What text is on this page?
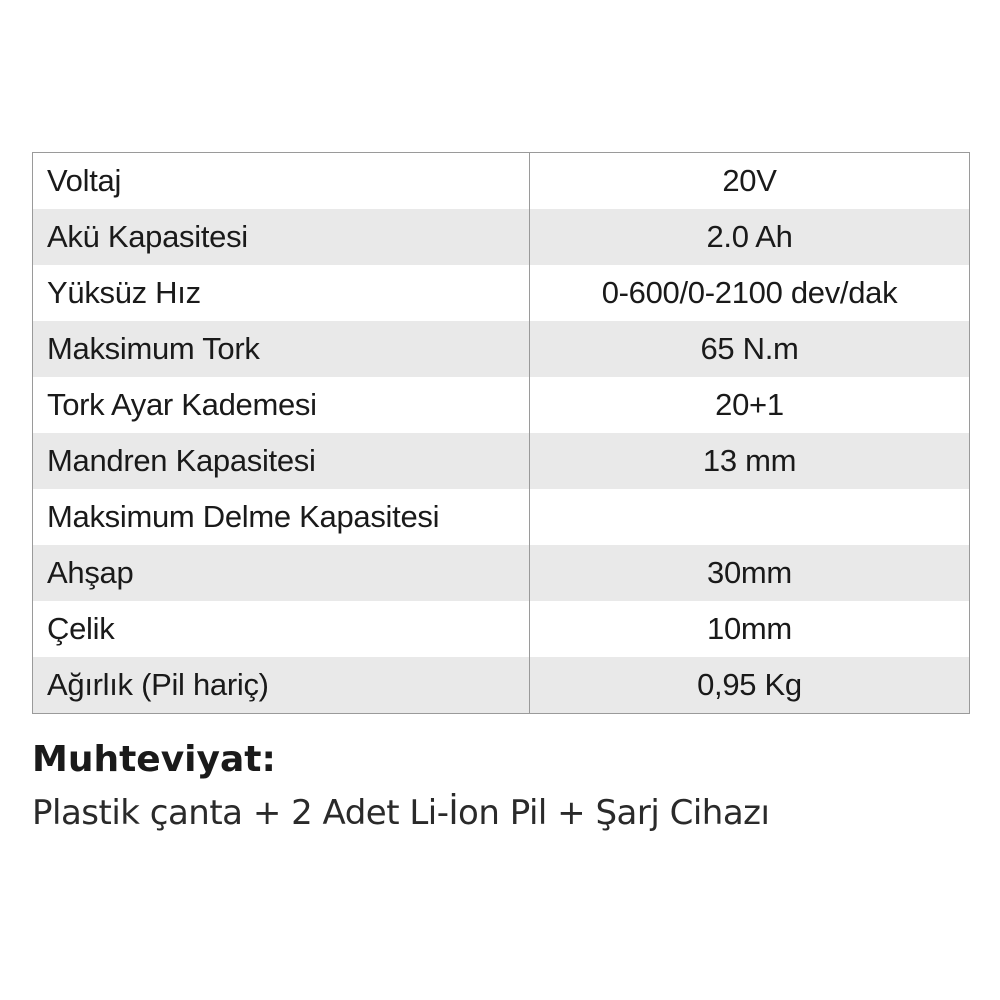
Voltaj	20V
Akü Kapasitesi	2.0 Ah
Yüksüz Hız	0-600/0-2100 dev/dak
Maksimum Tork	65 N.m
Tork Ayar Kademesi	20+1
Mandren Kapasitesi	13 mm
Maksimum Delme Kapasitesi	
Ahşap	30mm
Çelik	10mm
Ağırlık (Pil hariç)	0,95 Kg
Muhteviyat:

Plastik çanta + 2 Adet Li-İon Pil + Şarj Cihazı
